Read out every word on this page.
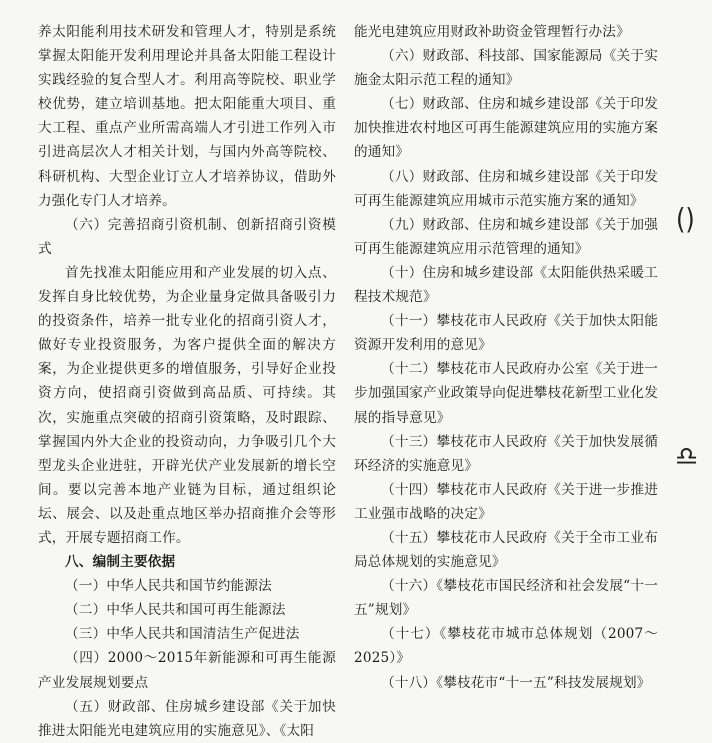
养太阳能利用技术研发和管理人才，特别是系统掌握太阳能开发利用理论并具备太阳能工程设计实践经验的复合型人才。利用高等院校、职业学校优势，建立培训基地。把太阳能重大项目、重大工程、重点产业所需高端人才引进工作列入市引进高层次人才相关计划，与国内外高等院校、科研机构、大型企业订立人才培养协议，借助外力强化专门人才培养。

（六）完善招商引资机制、创新招商引资模式

首先找准太阳能应用和产业发展的切入点、发挥自身比较优势，为企业量身定做具备吸引力的投资条件，培养一批专业化的招商引资人才，做好专业投资服务，为客户提供全面的解决方案，为企业提供更多的增值服务，引导好企业投资方向，使招商引资做到高品质、可持续。其次，实施重点突破的招商引资策略，及时跟踪、掌握国内外大企业的投资动向，力争吸引几个大型龙头企业进驻，开辟光伏产业发展新的增长空间。要以完善本地产业链为目标，通过组织论坛、展会、以及赴重点地区举办招商推介会等形式，开展专题招商工作。

八、编制主要依据

（一）中华人民共和国节约能源法

（二）中华人民共和国可再生能源法

（三）中华人民共和国清洁生产促进法

（四）2000～2015年新能源和可再生能源产业发展规划要点

（五）财政部、住房城乡建设部《关于加快推进太阳能光电建筑应用的实施意见》、《太阳

能光电建筑应用财政补助资金管理暂行办法》

（六）财政部、科技部、国家能源局《关于实施金太阳示范工程的通知》

（七）财政部、住房和城乡建设部《关于印发加快推进农村地区可再生能源建筑应用的实施方案的通知》

（八）财政部、住房和城乡建设部《关于印发可再生能源建筑应用城市示范实施方案的通知》

（九）财政部、住房和城乡建设部《关于加强可再生能源建筑应用示范管理的通知》

（十）住房和城乡建设部《太阳能供热采暖工程技术规范》

（十一）攀枝花市人民政府《关于加快太阳能资源开发利用的意见》

（十二）攀枝花市人民政府办公室《关于进一步加强国家产业政策导向促进攀枝花新型工业化发展的指导意见》

（十三）攀枝花市人民政府《关于加快发展循环经济的实施意见》

（十四）攀枝花市人民政府《关于进一步推进工业强市战略的决定》

（十五）攀枝花市人民政府《关于全市工业布局总体规划的实施意见》

（十六）《攀枝花市国民经济和社会发展“十一五”规划》

（十七）《攀枝花市城市总体规划（2007～2025）》

（十八）《攀枝花市“十一五”科技发展规划》

()
♎
